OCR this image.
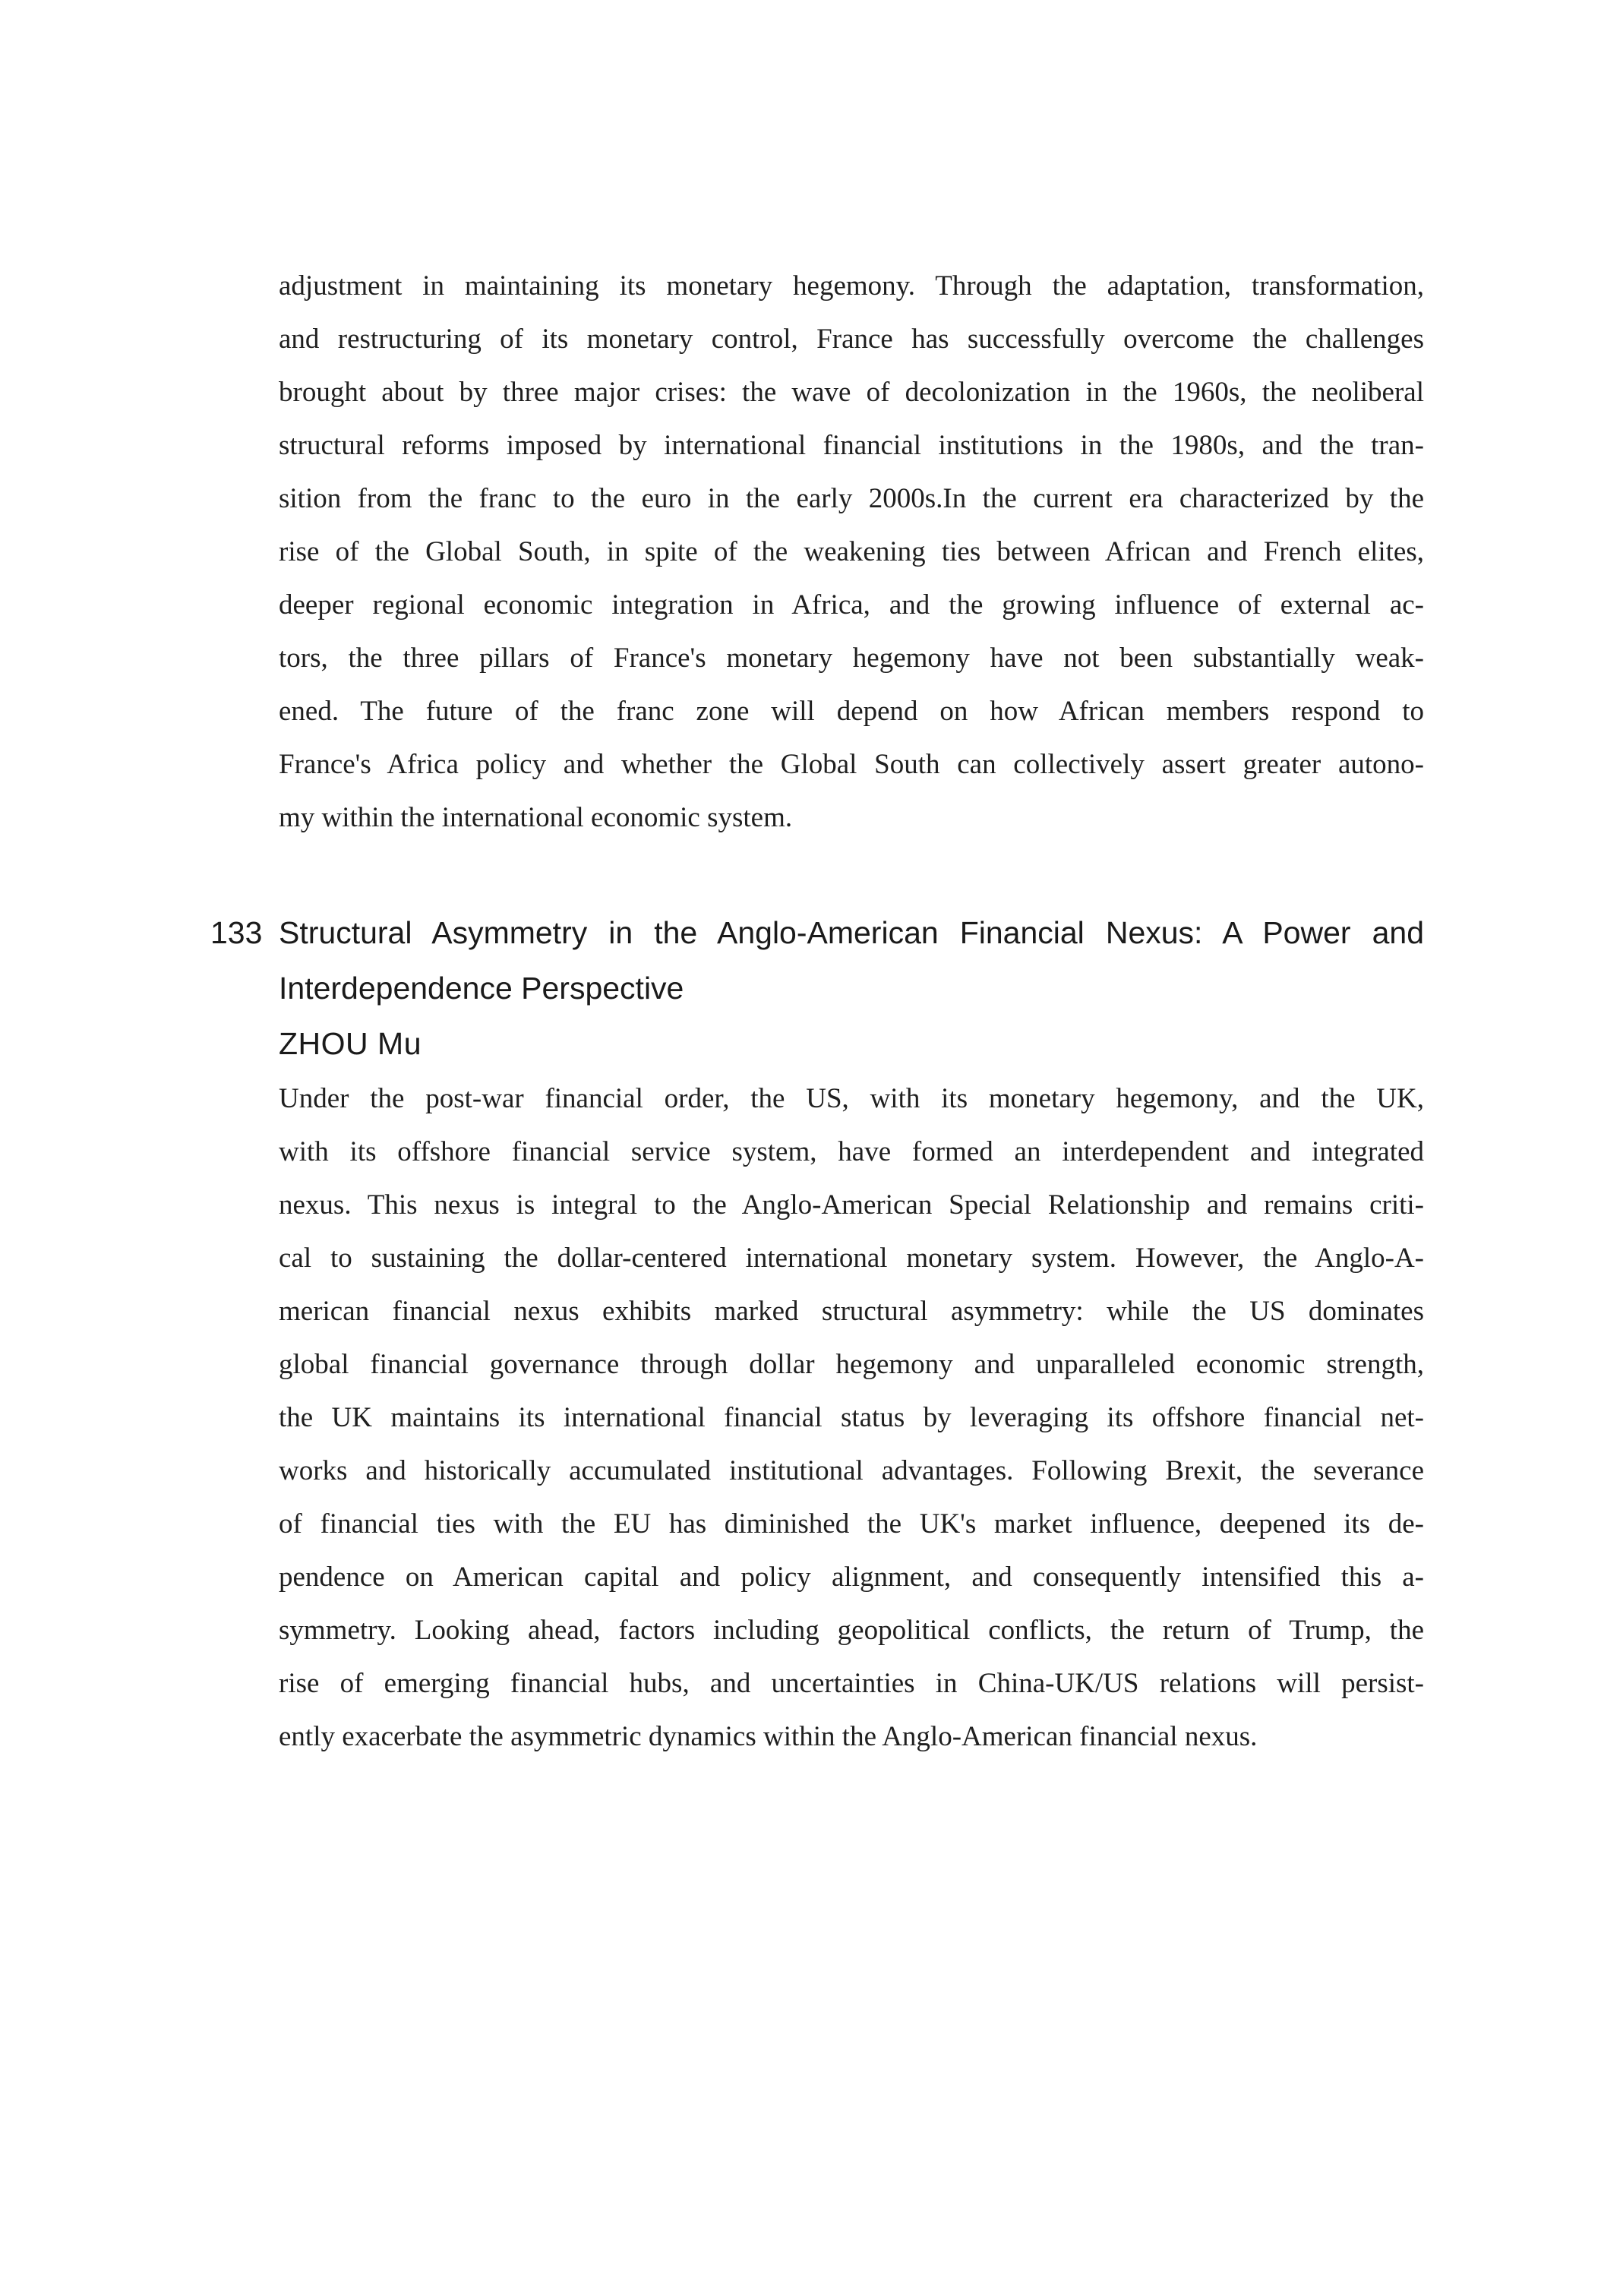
adjustment in maintaining its monetary hegemony. Through the adaptation, transformation,

and restructuring of its monetary control, France has successfully overcome the challenges

brought about by three major crises: the wave of decolonization in the 1960s, the neoliberal

structural reforms imposed by international financial institutions in the 1980s, and the tran-

sition from the franc to the euro in the early 2000s.In the current era characterized by the

rise of the Global South, in spite of the weakening ties between African and French elites,

deeper regional economic integration in Africa, and the growing influence of external ac-

tors, the three pillars of France's monetary hegemony have not been substantially weak-

ened. The future of the franc zone will depend on how African members respond to

France's Africa policy and whether the Global South can collectively assert greater autono-

my within the international economic system.

133 Structural Asymmetry in the Anglo-American Financial Nexus: A Power and

Interdependence Perspective

ZHOU Mu

Under the post-war financial order, the US, with its monetary hegemony, and the UK,

with its offshore financial service system, have formed an interdependent and integrated

nexus. This nexus is integral to the Anglo-American Special Relationship and remains criti-

cal to sustaining the dollar-centered international monetary system. However, the Anglo-A-

merican financial nexus exhibits marked structural asymmetry: while the US dominates

global financial governance through dollar hegemony and unparalleled economic strength,

the UK maintains its international financial status by leveraging its offshore financial net-

works and historically accumulated institutional advantages. Following Brexit, the severance

of financial ties with the EU has diminished the UK's market influence, deepened its de-

pendence on American capital and policy alignment, and consequently intensified this a-

symmetry. Looking ahead, factors including geopolitical conflicts, the return of Trump, the

rise of emerging financial hubs, and uncertainties in China-UK/US relations will persist-

ently exacerbate the asymmetric dynamics within the Anglo-American financial nexus.
